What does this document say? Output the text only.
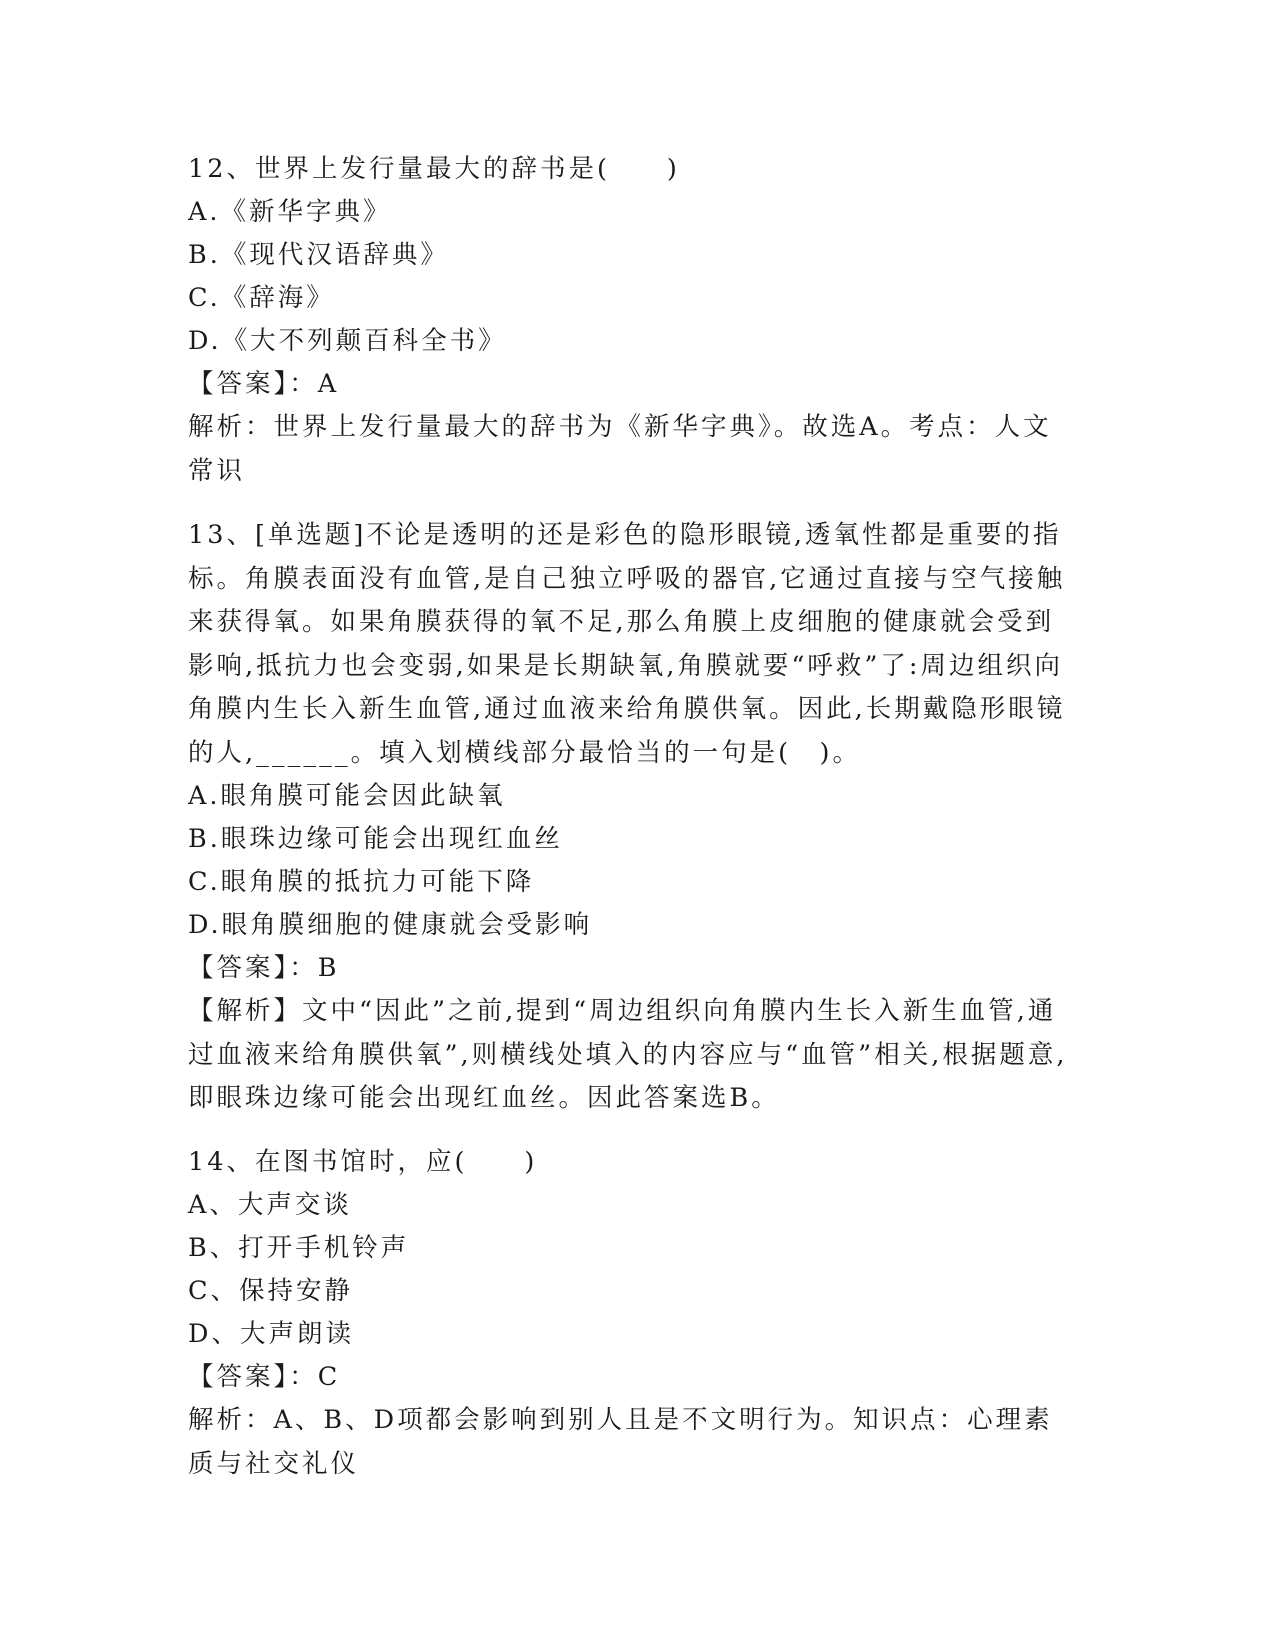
12、世界上发行量最大的辞书是(　　)
A.《新华字典》
B.《现代汉语辞典》
C.《辞海》
D.《大不列颠百科全书》
【答案】：A
解析：世界上发行量最大的辞书为《新华字典》。故选A。考点：人文常识
13、[单选题]不论是透明的还是彩色的隐形眼镜,透氧性都是重要的指标。角膜表面没有血管,是自己独立呼吸的器官,它通过直接与空气接触来获得氧。如果角膜获得的氧不足,那么角膜上皮细胞的健康就会受到影响,抵抗力也会变弱,如果是长期缺氧,角膜就要“呼救”了:周边组织向角膜内生长入新生血管,通过血液来给角膜供氧。因此,长期戴隐形眼镜的人,______。填入划横线部分最恰当的一句是(　)。
A.眼角膜可能会因此缺氧
B.眼珠边缘可能会出现红血丝
C.眼角膜的抵抗力可能下降
D.眼角膜细胞的健康就会受影响
【答案】：B
【解析】文中“因此”之前,提到“周边组织向角膜内生长入新生血管,通过血液来给角膜供氧”,则横线处填入的内容应与“血管”相关,根据题意,即眼珠边缘可能会出现红血丝。因此答案选B。
14、在图书馆时，应(　　)
A、大声交谈
B、打开手机铃声
C、保持安静
D、大声朗读
【答案】：C
解析：A、B、D项都会影响到别人且是不文明行为。知识点：心理素质与社交礼仪
